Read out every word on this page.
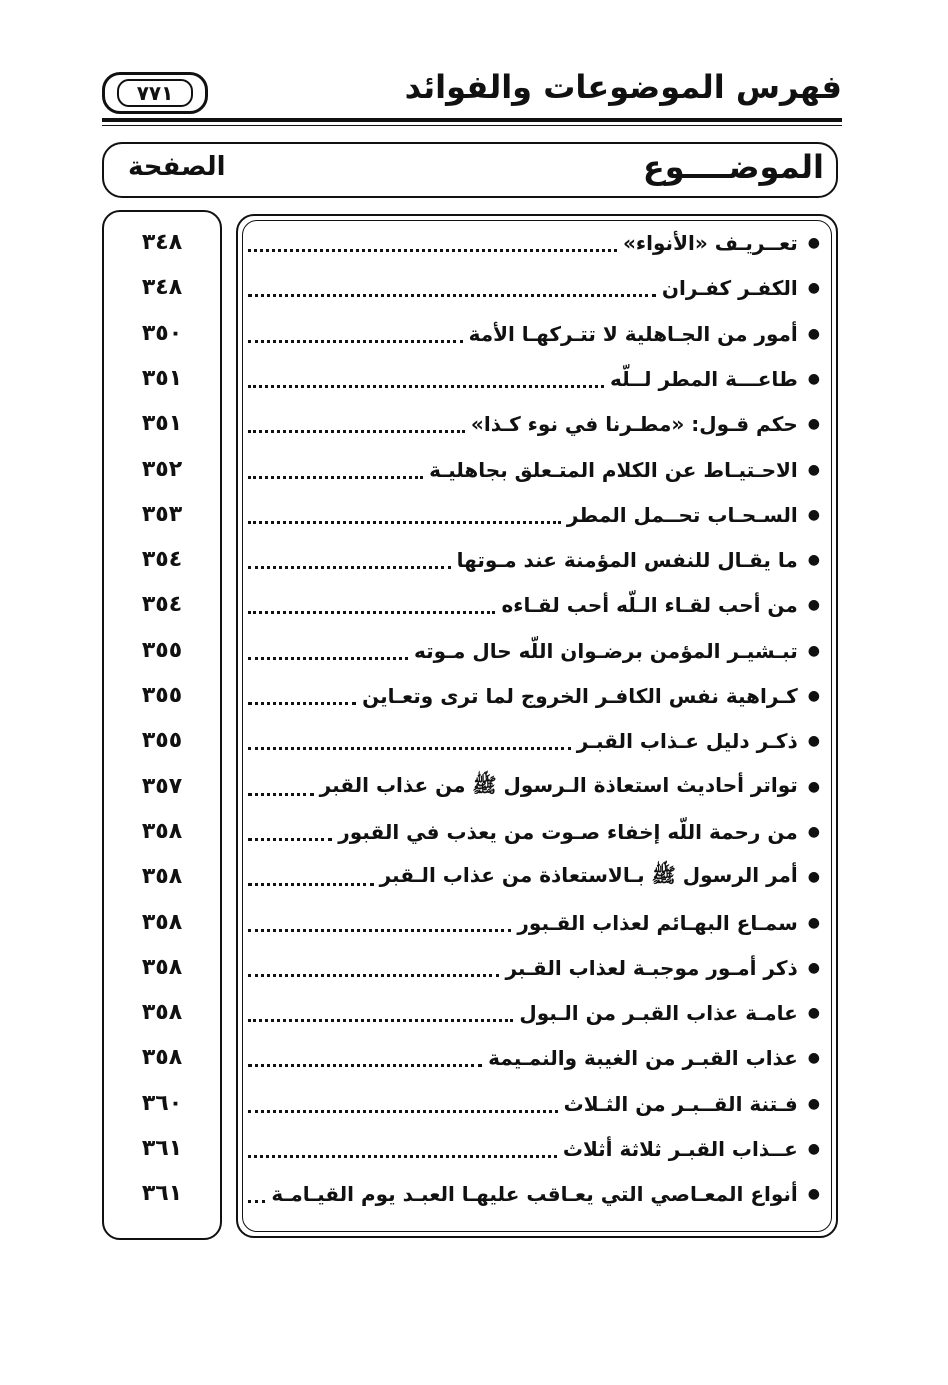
٧٧١	فهرس الموضوعات والفوائد
الموضــــوع
الصفحة
●
تعــريـف «الأنواء»
٣٤٨
●
الكفـر كفـران
٣٤٨
●
أمور من الجـاهلية لا تتـركهـا الأمة
٣٥٠
●
طاعـــة المطر لــلّه
٣٥١
●
حكم قـول: «مطـرنا في نوء كـذا»
٣٥١
●
الاحـتيـاط عن الكلام المتـعلق بجاهليـة
٣٥٢
●
السـحـاب تحــمل المطر
٣٥٣
●
ما يقـال للنفس المؤمنة عند مـوتها
٣٥٤
●
من أحب لقـاء الـلّه أحب لقـاءه
٣٥٤
●
تبـشيـر المؤمن برضـوان اللّه حال مـوته
٣٥٥
●
كـراهية نفس الكافـر الخروج لما ترى وتعـاين
٣٥٥
●
ذكـر دليل عـذاب القبـر
٣٥٥
●
تواتر أحاديث استعاذة الـرسول ﷺ من عذاب القبر
٣٥٧
●
من رحمة اللّه إخفاء صـوت من يعذب في القبور
٣٥٨
●
أمر الرسول ﷺ بـالاستعاذة من عذاب الـقبر
٣٥٨
●
سمـاع البهـائم لعذاب القـبور
٣٥٨
●
ذكر أمـور موجبـة لعذاب القـبر
٣٥٨
●
عامـة عذاب القبـر من الـبول
٣٥٨
●
عذاب القبـر من الغيبة والنمـيمة
٣٥٨
●
فـتنة القــبـر من الثـلاث
٣٦٠
●
عــذاب القبـر ثلاثة أثلاث
٣٦١
●
أنواع المعـاصي التي يعـاقب عليهـا العبـد يوم القيـامـة
٣٦١
